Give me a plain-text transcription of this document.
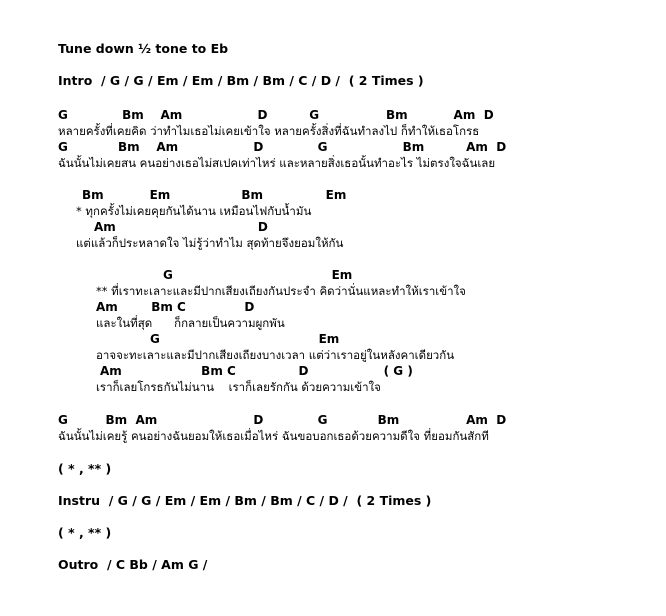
Tune down ½ tone to Eb
Intro  / G / G / Em / Em / Bm / Bm / C / D /  ( 2 Times )
G             Bm    Am                  D          G                Bm           Am  D
หลายครั้งที่เคยคิด ว่าทำไมเธอไม่เคยเข้าใจ หลายครั้งสิ่งที่ฉันทำลงไป ก็ทำให้เธอโกรธ
G            Bm    Am                  D             G                  Bm          Am  D
ฉันนั้นไม่เคยสน คนอย่างเธอไม่สเปคเท่าไหร่ และหลายสิ่งเธอนั้นทำอะไร ไม่ตรงใจฉันเลย
Bm           Em                 Bm               Em
* ทุกครั้งไม่เคยคุยกันได้นาน เหมือนไฟกับน้ำมัน
Am                                  D
แต่แล้วก็ประหลาดใจ ไม่รู้ว่าทำไม สุดท้ายจึงยอมให้กัน
G                                      Em
** ที่เราทะเลาะและมีปากเสียงเถียงกันประจำ คิดว่านั่นแหละทำให้เราเข้าใจ
Am        Bm C              D
และในที่สุด      ก็กลายเป็นความผูกพัน
G                                      Em
อาจจะทะเลาะและมีปากเสียงเถียงบางเวลา แต่ว่าเราอยู่ในหลังคาเดียวกัน
Am                   Bm C               D                  ( G )
เราก็เลยโกรธกันไม่นาน    เราก็เลยรักกัน ด้วยความเข้าใจ
G         Bm  Am                       D             G            Bm                Am  D
ฉันนั้นไม่เคยรู้ คนอย่างฉันยอมให้เธอเมื่อไหร่ ฉันขอบอกเธอด้วยความดีใจ ที่ยอมกันสักที
( * , ** )
Instru  / G / G / Em / Em / Bm / Bm / C / D /  ( 2 Times )
( * , ** )
Outro  / C Bb / Am G /
